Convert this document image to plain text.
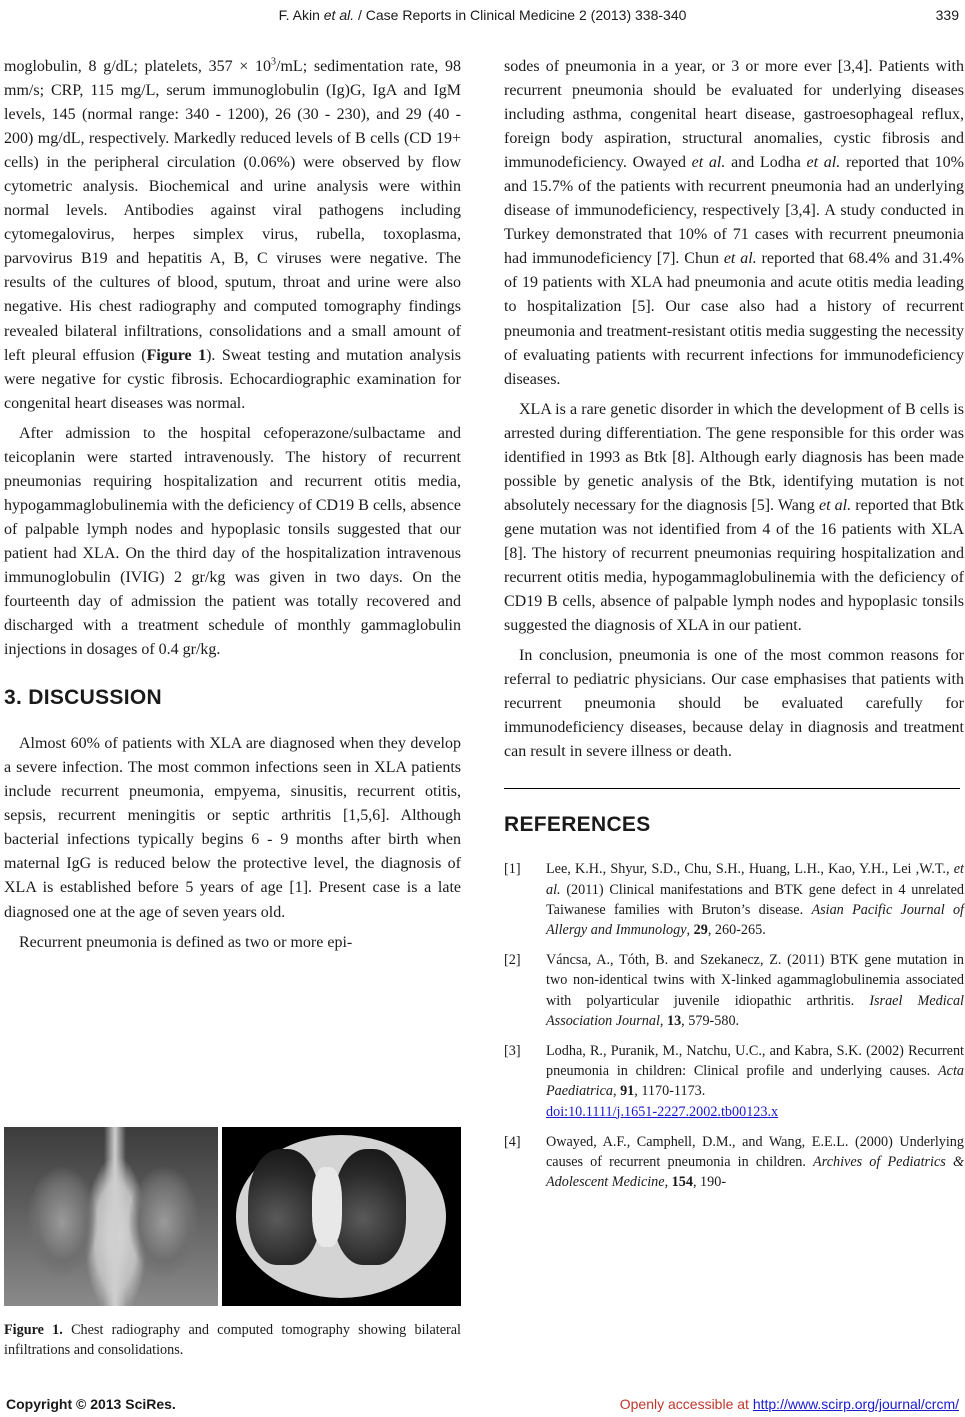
F. Akin et al. / Case Reports in Clinical Medicine 2 (2013) 338-340	339

moglobulin, 8 g/dL; platelets, $357 \times 10^3/mL$; sedimentation rate, 98 mm/s; CRP, 115 mg/L, serum immunoglobulin (Ig)G, IgA and IgM levels, 145 (normal range: 340 - 1200), 26 (30 - 230), and 29 (40 - 200) mg/dL, respectively. Markedly reduced levels of B cells (CD 19+ cells) in the peripheral circulation (0.06%) were observed by flow cytometric analysis. Biochemical and urine analysis were within normal levels. Antibodies against viral pathogens including cytomegalovirus, herpes simplex virus, rubella, toxoplasma, parvovirus B19 and hepatitis A, B, C viruses were negative. The results of the cultures of blood, sputum, throat and urine were also negative. His chest radiography and computed tomography findings revealed bilateral infiltrations, consolidations and a small amount of left pleural effusion (Figure 1). Sweat testing and mutation analysis were negative for cystic fibrosis. Echocardiographic examination for congenital heart diseases was normal.

After admission to the hospital cefoperazone/sulbactame and teicoplanin were started intravenously. The history of recurrent pneumonias requiring hospitalization and recurrent otitis media, hypogammaglobulinemia with the deficiency of CD19 B cells, absence of palpable lymph nodes and hypoplasic tonsils suggested that our patient had XLA. On the third day of the hospitalization intravenous immunoglobulin (IVIG) 2 gr/kg was given in two days. On the fourteenth day of admission the patient was totally recovered and discharged with a treatment schedule of monthly gammaglobulin injections in dosages of 0.4 gr/kg.

3. DISCUSSION

Almost 60% of patients with XLA are diagnosed when they develop a severe infection. The most common infections seen in XLA patients include recurrent pneumonia, empyema, sinusitis, recurrent otitis, sepsis, recurrent meningitis or septic arthritis [1,5,6]. Although bacterial infections typically begins 6 - 9 months after birth when maternal IgG is reduced below the protective level, the diagnosis of XLA is established before 5 years of age [1]. Present case is a late diagnosed one at the age of seven years old.

Recurrent pneumonia is defined as two or more epi-

Figure 1. Chest radiography and computed tomography showing bilateral infiltrations and consolidations.

sodes of pneumonia in a year, or 3 or more ever [3,4]. Patients with recurrent pneumonia should be evaluated for underlying diseases including asthma, congenital heart disease, gastroesophageal reflux, foreign body aspiration, structural anomalies, cystic fibrosis and immunodeficiency. Owayed et al. and Lodha et al. reported that 10% and 15.7% of the patients with recurrent pneumonia had an underlying disease of immunodeficiency, respectively [3,4]. A study conducted in Turkey demonstrated that 10% of 71 cases with recurrent pneumonia had immunodeficiency [7]. Chun et al. reported that 68.4% and 31.4% of 19 patients with XLA had pneumonia and acute otitis media leading to hospitalization [5]. Our case also had a history of recurrent pneumonia and treatment-resistant otitis media suggesting the necessity of evaluating patients with recurrent infections for immunodeficiency diseases.

XLA is a rare genetic disorder in which the development of B cells is arrested during differentiation. The gene responsible for this order was identified in 1993 as Btk [8]. Although early diagnosis has been made possible by genetic analysis of the Btk, identifying mutation is not absolutely necessary for the diagnosis [5]. Wang et al. reported that Btk gene mutation was not identified from 4 of the 16 patients with XLA [8]. The history of recurrent pneumonias requiring hospitalization and recurrent otitis media, hypogammaglobulinemia with the deficiency of CD19 B cells, absence of palpable lymph nodes and hypoplasic tonsils suggested the diagnosis of XLA in our patient.

In conclusion, pneumonia is one of the most common reasons for referral to pediatric physicians. Our case emphasises that patients with recurrent pneumonia should be evaluated carefully for immunodeficiency diseases, because delay in diagnosis and treatment can result in severe illness or death.

REFERENCES
[1]	Lee, K.H., Shyur, S.D., Chu, S.H., Huang, L.H., Kao, Y.H., Lei ,W.T., et al. (2011) Clinical manifestations and BTK gene defect in 4 unrelated Taiwanese families with Bruton’s disease. Asian Pacific Journal of Allergy and Immunology, 29, 260-265.
[2]	Váncsa, A., Tóth, B. and Szekanecz, Z. (2011) BTK gene mutation in two non-identical twins with X-linked agammaglobulinemia associated with polyarticular juvenile idiopathic arthritis. Israel Medical Association Journal, 13, 579-580.
[3]	Lodha, R., Puranik, M., Natchu, U.C., and Kabra, S.K. (2002) Recurrent pneumonia in children: Clinical profile and underlying causes. Acta Paediatrica, 91, 1170-1173.
doi:10.1111/j.1651-2227.2002.tb00123.x
[4]	Owayed, A.F., Camphell, D.M., and Wang, E.E.L. (2000) Underlying causes of recurrent pneumonia in children. Archives of Pediatrics & Adolescent Medicine, 154, 190-
Copyright © 2013 SciRes.	Openly accessible at http://www.scirp.org/journal/crcm/
